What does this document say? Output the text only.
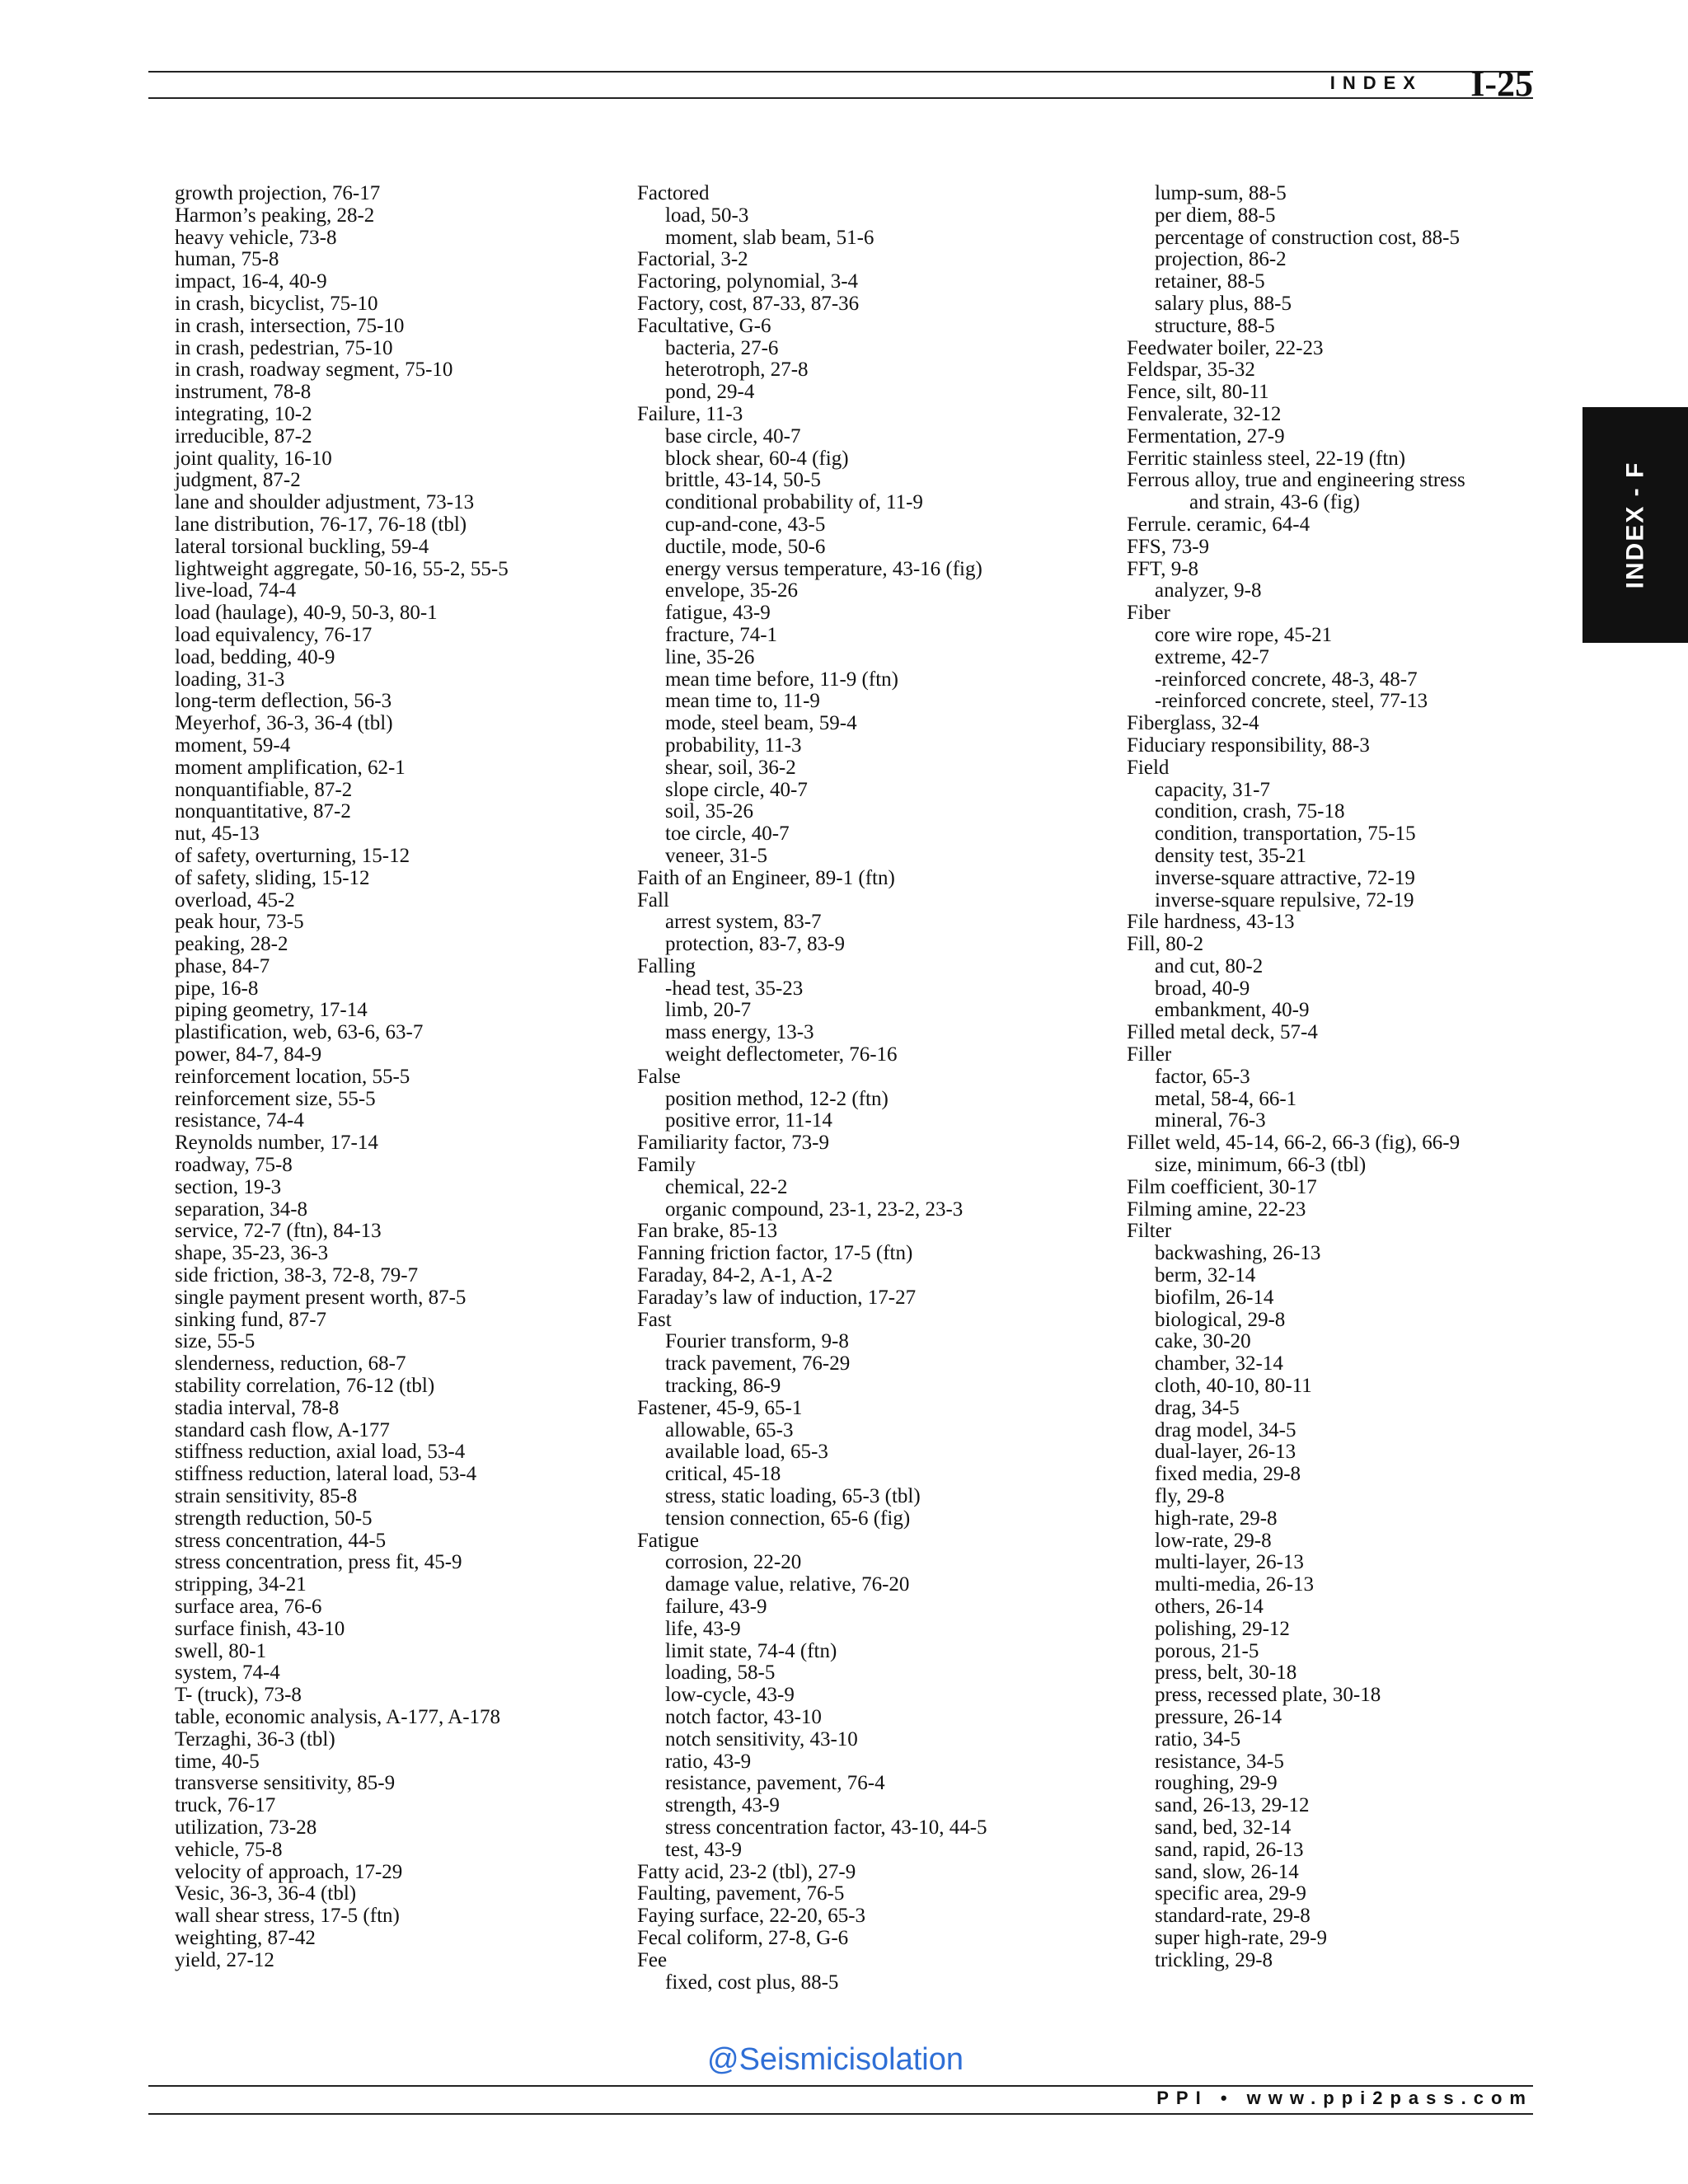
INDEX I-25
INDEX - F
growth projection, 76-17
Harmon’s peaking, 28-2
heavy vehicle, 73-8
human, 75-8
impact, 16-4, 40-9
in crash, bicyclist, 75-10
in crash, intersection, 75-10
in crash, pedestrian, 75-10
in crash, roadway segment, 75-10
instrument, 78-8
integrating, 10-2
irreducible, 87-2
joint quality, 16-10
judgment, 87-2
lane and shoulder adjustment, 73-13
lane distribution, 76-17, 76-18 (tbl)
lateral torsional buckling, 59-4
lightweight aggregate, 50-16, 55-2, 55-5
live-load, 74-4
load (haulage), 40-9, 50-3, 80-1
load equivalency, 76-17
load, bedding, 40-9
loading, 31-3
long-term deflection, 56-3
Meyerhof, 36-3, 36-4 (tbl)
moment, 59-4
moment amplification, 62-1
nonquantifiable, 87-2
nonquantitative, 87-2
nut, 45-13
of safety, overturning, 15-12
of safety, sliding, 15-12
overload, 45-2
peak hour, 73-5
peaking, 28-2
phase, 84-7
pipe, 16-8
piping geometry, 17-14
plastification, web, 63-6, 63-7
power, 84-7, 84-9
reinforcement location, 55-5
reinforcement size, 55-5
resistance, 74-4
Reynolds number, 17-14
roadway, 75-8
section, 19-3
separation, 34-8
service, 72-7 (ftn), 84-13
shape, 35-23, 36-3
side friction, 38-3, 72-8, 79-7
single payment present worth, 87-5
sinking fund, 87-7
size, 55-5
slenderness, reduction, 68-7
stability correlation, 76-12 (tbl)
stadia interval, 78-8
standard cash flow, A-177
stiffness reduction, axial load, 53-4
stiffness reduction, lateral load, 53-4
strain sensitivity, 85-8
strength reduction, 50-5
stress concentration, 44-5
stress concentration, press fit, 45-9
stripping, 34-21
surface area, 76-6
surface finish, 43-10
swell, 80-1
system, 74-4
T- (truck), 73-8
table, economic analysis, A-177, A-178
Terzaghi, 36-3 (tbl)
time, 40-5
transverse sensitivity, 85-9
truck, 76-17
utilization, 73-28
vehicle, 75-8
velocity of approach, 17-29
Vesic, 36-3, 36-4 (tbl)
wall shear stress, 17-5 (ftn)
weighting, 87-42
yield, 27-12
Factored
load, 50-3
moment, slab beam, 51-6
Factorial, 3-2
Factoring, polynomial, 3-4
Factory, cost, 87-33, 87-36
Facultative, G-6
bacteria, 27-6
heterotroph, 27-8
pond, 29-4
Failure, 11-3
base circle, 40-7
block shear, 60-4 (fig)
brittle, 43-14, 50-5
conditional probability of, 11-9
cup-and-cone, 43-5
ductile, mode, 50-6
energy versus temperature, 43-16 (fig)
envelope, 35-26
fatigue, 43-9
fracture, 74-1
line, 35-26
mean time before, 11-9 (ftn)
mean time to, 11-9
mode, steel beam, 59-4
probability, 11-3
shear, soil, 36-2
slope circle, 40-7
soil, 35-26
toe circle, 40-7
veneer, 31-5
Faith of an Engineer, 89-1 (ftn)
Fall
arrest system, 83-7
protection, 83-7, 83-9
Falling
-head test, 35-23
limb, 20-7
mass energy, 13-3
weight deflectometer, 76-16
False
position method, 12-2 (ftn)
positive error, 11-14
Familiarity factor, 73-9
Family
chemical, 22-2
organic compound, 23-1, 23-2, 23-3
Fan brake, 85-13
Fanning friction factor, 17-5 (ftn)
Faraday, 84-2, A-1, A-2
Faraday’s law of induction, 17-27
Fast
Fourier transform, 9-8
track pavement, 76-29
tracking, 86-9
Fastener, 45-9, 65-1
allowable, 65-3
available load, 65-3
critical, 45-18
stress, static loading, 65-3 (tbl)
tension connection, 65-6 (fig)
Fatigue
corrosion, 22-20
damage value, relative, 76-20
failure, 43-9
life, 43-9
limit state, 74-4 (ftn)
loading, 58-5
low-cycle, 43-9
notch factor, 43-10
notch sensitivity, 43-10
ratio, 43-9
resistance, pavement, 76-4
strength, 43-9
stress concentration factor, 43-10, 44-5
test, 43-9
Fatty acid, 23-2 (tbl), 27-9
Faulting, pavement, 76-5
Faying surface, 22-20, 65-3
Fecal coliform, 27-8, G-6
Fee
fixed, cost plus, 88-5
lump-sum, 88-5
per diem, 88-5
percentage of construction cost, 88-5
projection, 86-2
retainer, 88-5
salary plus, 88-5
structure, 88-5
Feedwater boiler, 22-23
Feldspar, 35-32
Fence, silt, 80-11
Fenvalerate, 32-12
Fermentation, 27-9
Ferritic stainless steel, 22-19 (ftn)
Ferrous alloy, true and engineering stress
and strain, 43-6 (fig)
Ferrule. ceramic, 64-4
FFS, 73-9
FFT, 9-8
analyzer, 9-8
Fiber
core wire rope, 45-21
extreme, 42-7
-reinforced concrete, 48-3, 48-7
-reinforced concrete, steel, 77-13
Fiberglass, 32-4
Fiduciary responsibility, 88-3
Field
capacity, 31-7
condition, crash, 75-18
condition, transportation, 75-15
density test, 35-21
inverse-square attractive, 72-19
inverse-square repulsive, 72-19
File hardness, 43-13
Fill, 80-2
and cut, 80-2
broad, 40-9
embankment, 40-9
Filled metal deck, 57-4
Filler
factor, 65-3
metal, 58-4, 66-1
mineral, 76-3
Fillet weld, 45-14, 66-2, 66-3 (fig), 66-9
size, minimum, 66-3 (tbl)
Film coefficient, 30-17
Filming amine, 22-23
Filter
backwashing, 26-13
berm, 32-14
biofilm, 26-14
biological, 29-8
cake, 30-20
chamber, 32-14
cloth, 40-10, 80-11
drag, 34-5
drag model, 34-5
dual-layer, 26-13
fixed media, 29-8
fly, 29-8
high-rate, 29-8
low-rate, 29-8
multi-layer, 26-13
multi-media, 26-13
others, 26-14
polishing, 29-12
porous, 21-5
press, belt, 30-18
press, recessed plate, 30-18
pressure, 26-14
ratio, 34-5
resistance, 34-5
roughing, 29-9
sand, 26-13, 29-12
sand, bed, 32-14
sand, rapid, 26-13
sand, slow, 26-14
specific area, 29-9
standard-rate, 29-8
super high-rate, 29-9
trickling, 29-8
@Seismicisolation
PPI • www.ppi2pass.com
